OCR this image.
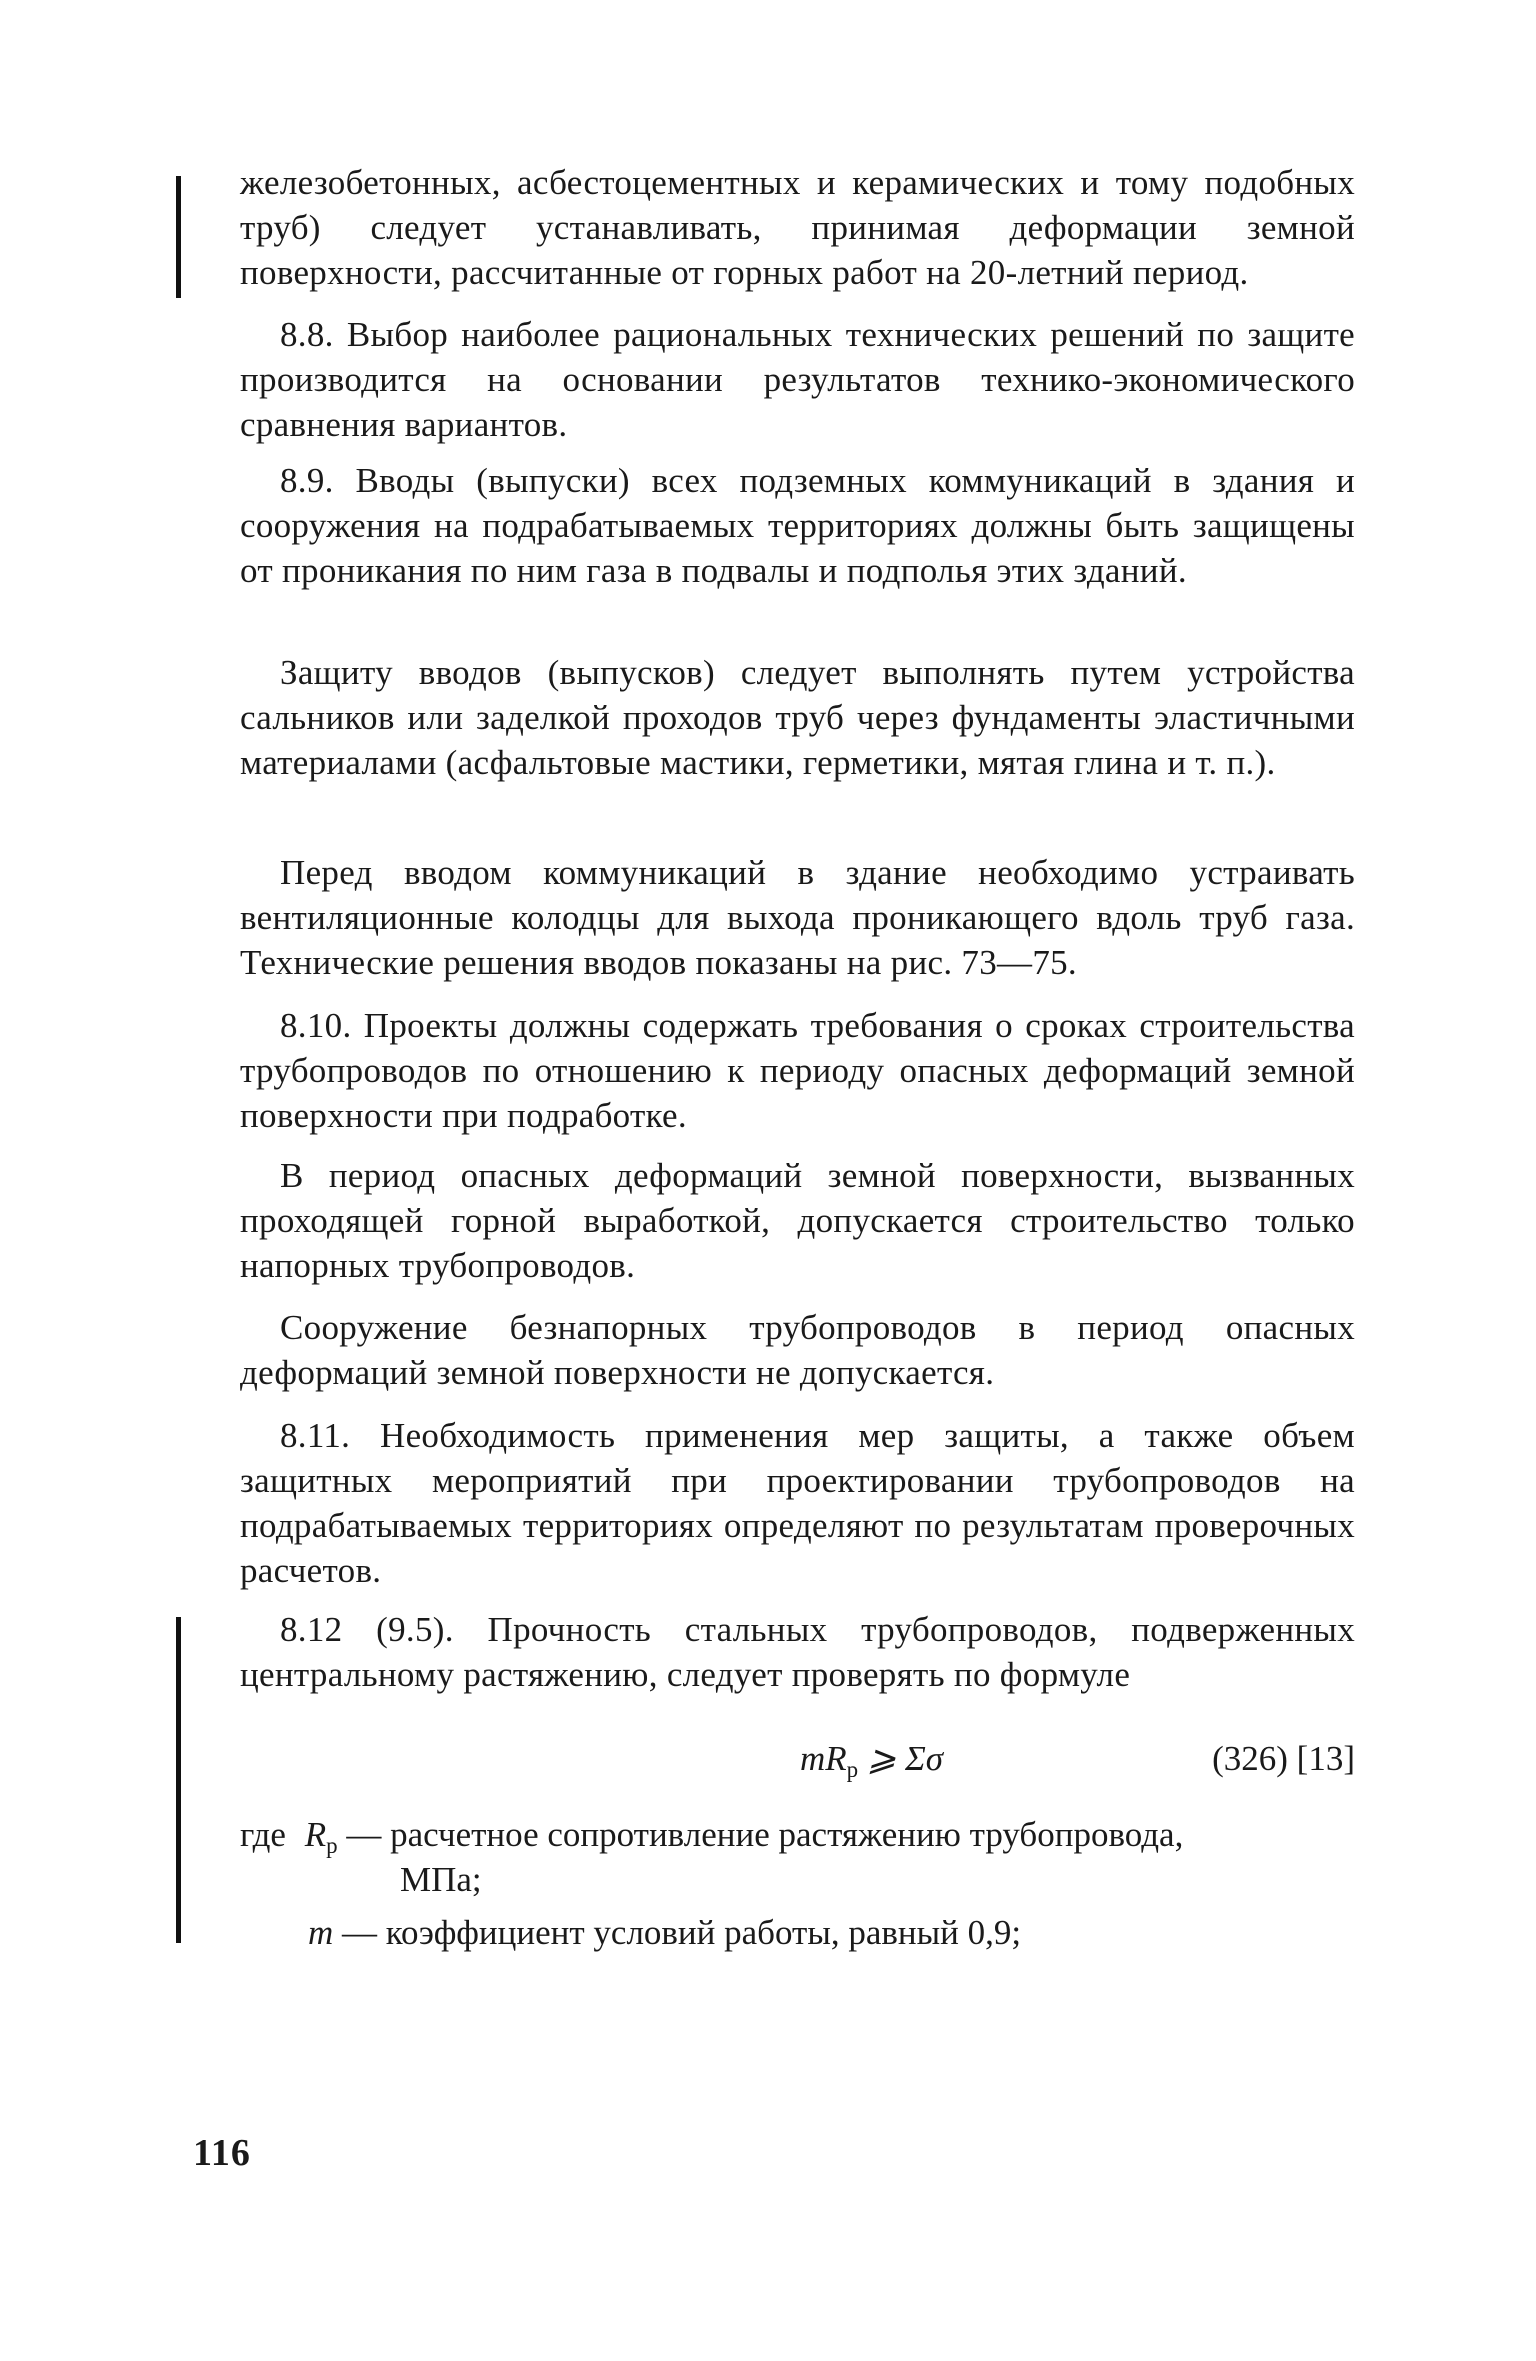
железобетонных, асбестоцементных и керамических и тому подобных труб) следует устанавливать, принимая деформации земной поверхности, рассчитанные от горных работ на 20-летний период.

8.8. Выбор наиболее рациональных технических решений по защите производится на основании результатов технико-экономического сравнения вариантов.

8.9. Вводы (выпуски) всех подземных коммуникаций в здания и сооружения на подрабатываемых территориях должны быть защищены от проникания по ним газа в подвалы и подполья этих зданий.

Защиту вводов (выпусков) следует выполнять путем устройства сальников или заделкой проходов труб через фундаменты эластичными материалами (асфальтовые мастики, герметики, мятая глина и т. п.).

Перед вводом коммуникаций в здание необходимо устраивать вентиляционные колодцы для выхода проникающего вдоль труб газа. Технические решения вводов показаны на рис. 73—75.

8.10. Проекты должны содержать требования о сроках строительства трубопроводов по отношению к периоду опасных деформаций земной поверхности при подработке.

В период опасных деформаций земной поверхности, вызванных проходящей горной выработкой, допускается строительство только напорных трубопроводов.

Сооружение безнапорных трубопроводов в период опасных деформаций земной поверхности не допускается.

8.11. Необходимость применения мер защиты, а также объем защитных мероприятий при проектировании трубопроводов на подрабатываемых территориях определяют по результатам проверочных расчетов.

8.12 (9.5). Прочность стальных трубопроводов, подверженных центральному растяжению, следует проверять по формуле

$mR_р$ ⩾ Σσ	(326) [13]
где $R_р$ — расчетное сопротивление растяжению трубопровода,
МПа;
m — коэффициент условий работы, равный 0,9;
116
